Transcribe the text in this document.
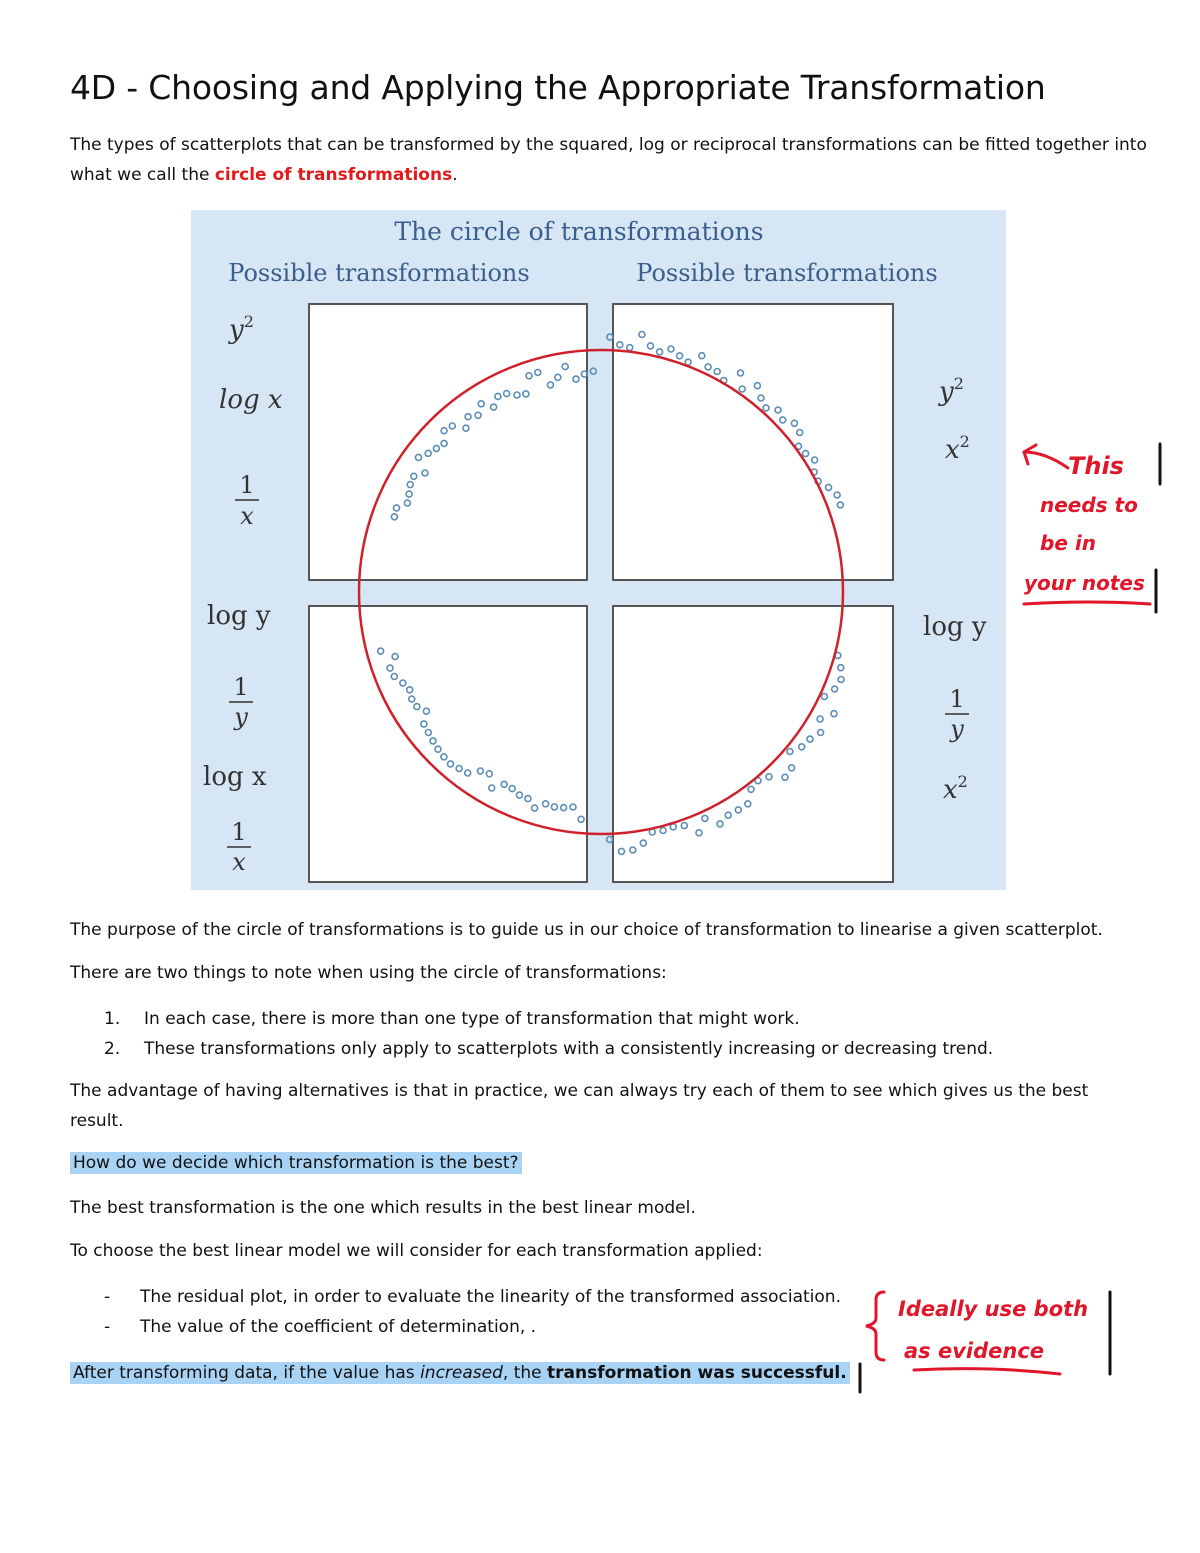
4D - Choosing and Applying the Appropriate Transformation

The types of scatterplots that can be transformed by the squared, log or reciprocal transformations can be fitted together into what we call the circle of transformations.

The circle of transformations
Possible transformations	Possible transformations
$y^2$
log x
1
x
log y
1
y
log x
1
x
$y^2$
$x^2$
log y
1
y
$x^2$

The purpose of the circle of transformations is to guide us in our choice of transformation to linearise a given scatterplot.

There are two things to note when using the circle of transformations:

1. In each case, there is more than one type of transformation that might work.
2. These transformations only apply to scatterplots with a consistently increasing or decreasing trend.

The advantage of having alternatives is that in practice, we can always try each of them to see which gives us the best result.

How do we decide which transformation is the best?

The best transformation is the one which results in the best linear model.

To choose the best linear model we will consider for each transformation applied:

- The residual plot, in order to evaluate the linearity of the transformed association.
- The value of the coefficient of determination, .

After transforming data, if the value has increased, the transformation was successful.

This
needs to
be in
your notes
Ideally use both
as evidence
